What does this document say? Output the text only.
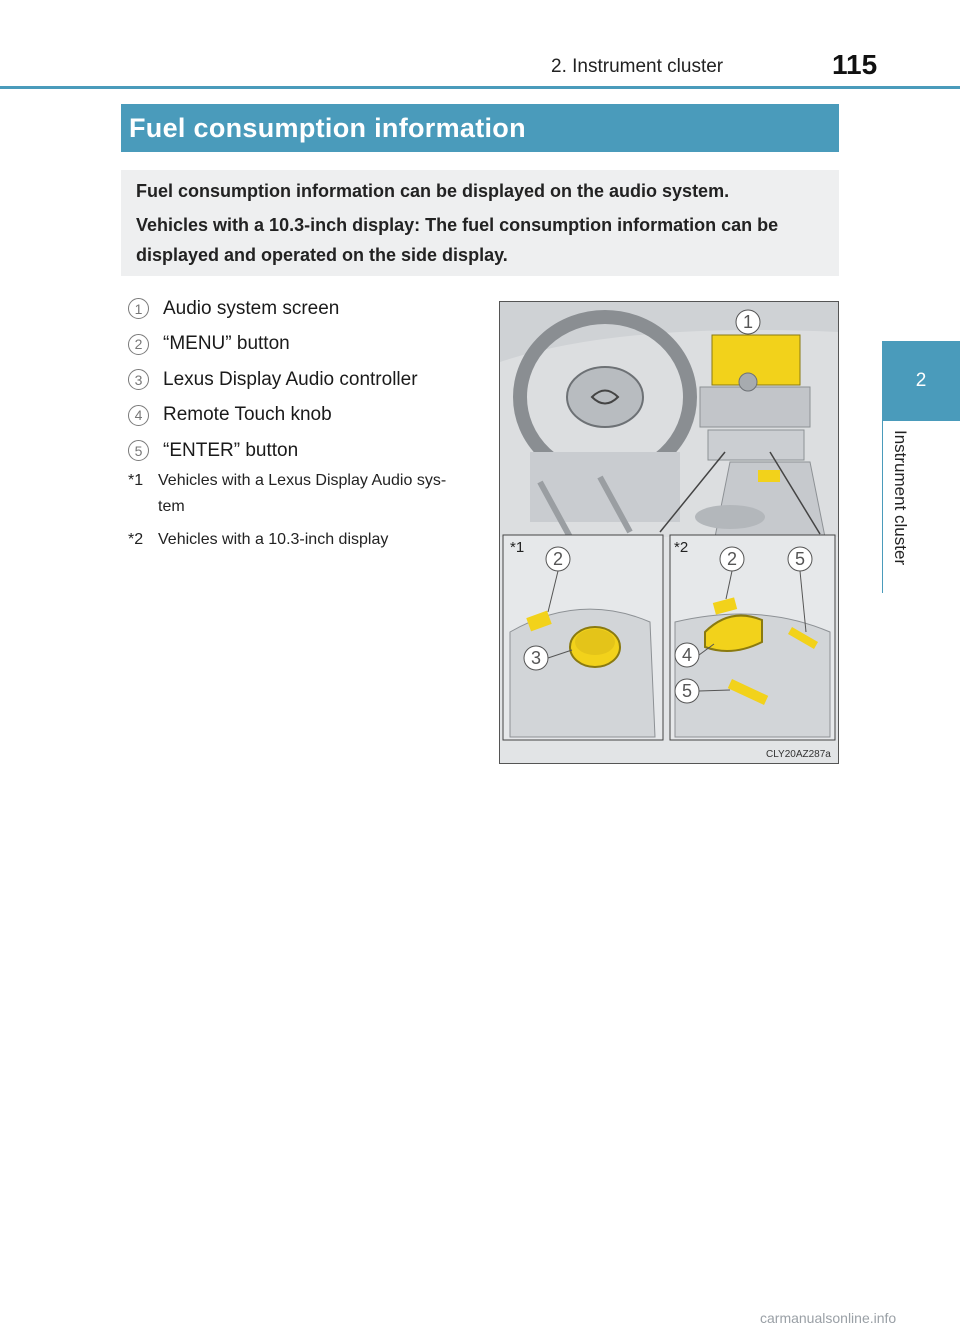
2. Instrument cluster	115
2
Instrument cluster
Fuel consumption information

Fuel consumption information can be displayed on the audio system.

Vehicles with a 10.3-inch display: The fuel consumption information can be displayed and operated on the side display.

1	Audio system screen
2	“MENU” button
3	Lexus Display Audio controller
4	Remote Touch knob
5	“ENTER” button
*1 Vehicles with a Lexus Display Audio sys-
tem
*2 Vehicles with a 10.3-inch display	*1	*2
1
2
3
2	5
4
5
CLY20AZ287a
carmanualsonline.info
